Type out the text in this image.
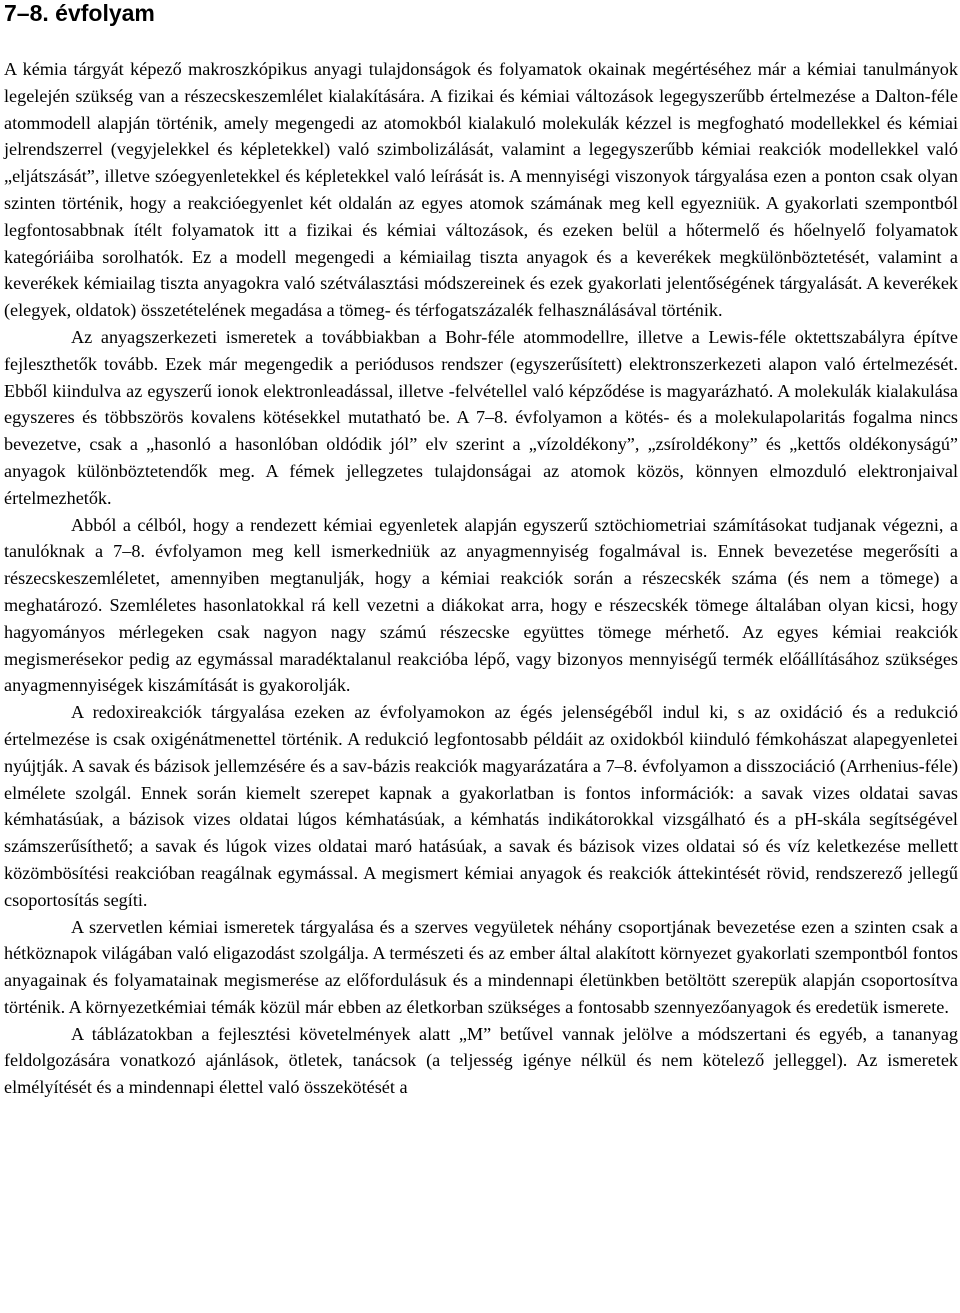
7–8. évfolyam

A kémia tárgyát képező makroszkópikus anyagi tulajdonságok és folyamatok okainak megértéséhez már a kémiai tanulmányok legelején szükség van a részecskeszemlélet kialakítására. A fizikai és kémiai változások legegyszerűbb értelmezése a Dalton-féle atommodell alapján történik, amely megengedi az atomokból kialakuló molekulák kézzel is megfogható modellekkel és kémiai jelrendszerrel (vegyjelekkel és képletekkel) való szimbolizálását, valamint a legegyszerűbb kémiai reakciók modellekkel való „eljátszását”, illetve szóegyenletekkel és képletekkel való leírását is. A mennyiségi viszonyok tárgyalása ezen a ponton csak olyan szinten történik, hogy a reakcióegyenlet két oldalán az egyes atomok számának meg kell egyezniük. A gyakorlati szempontból legfontosabbnak ítélt folyamatok itt a fizikai és kémiai változások, és ezeken belül a hőtermelő és hőelnyelő folyamatok kategóriáiba sorolhatók. Ez a modell megengedi a kémiailag tiszta anyagok és a keverékek megkülönböztetését, valamint a keverékek kémiailag tiszta anyagokra való szétválasztási módszereinek és ezek gyakorlati jelentőségének tárgyalását. A keverékek (elegyek, oldatok) összetételének megadása a tömeg- és térfogatszázalék felhasználásával történik.

Az anyagszerkezeti ismeretek a továbbiakban a Bohr-féle atommodellre, illetve a Lewis-féle oktettszabályra építve fejleszthetők tovább. Ezek már megengedik a periódusos rendszer (egyszerűsített) elektronszerkezeti alapon való értelmezését. Ebből kiindulva az egyszerű ionok elektronleadással, illetve -felvétellel való képződése is magyarázható. A molekulák kialakulása egyszeres és többszörös kovalens kötésekkel mutatható be. A 7–8. évfolyamon a kötés- és a molekulapolaritás fogalma nincs bevezetve, csak a „hasonló a hasonlóban oldódik jól” elv szerint a „vízoldékony”, „zsíroldékony” és „kettős oldékonyságú” anyagok különböztetendők meg. A fémek jellegzetes tulajdonságai az atomok közös, könnyen elmozduló elektronjaival értelmezhetők.

Abból a célból, hogy a rendezett kémiai egyenletek alapján egyszerű sztöchiometriai számításokat tudjanak végezni, a tanulóknak a 7–8. évfolyamon meg kell ismerkedniük az anyagmennyiség fogalmával is. Ennek bevezetése megerősíti a részecskeszemléletet, amennyiben megtanulják, hogy a kémiai reakciók során a részecskék száma (és nem a tömege) a meghatározó. Szemléletes hasonlatokkal rá kell vezetni a diákokat arra, hogy e részecskék tömege általában olyan kicsi, hogy hagyományos mérlegeken csak nagyon nagy számú részecske együttes tömege mérhető. Az egyes kémiai reakciók megismerésekor pedig az egymással maradéktalanul reakcióba lépő, vagy bizonyos mennyiségű termék előállításához szükséges anyagmennyiségek kiszámítását is gyakorolják.

A redoxireakciók tárgyalása ezeken az évfolyamokon az égés jelenségéből indul ki, s az oxidáció és a redukció értelmezése is csak oxigénátmenettel történik. A redukció legfontosabb példáit az oxidokból kiinduló fémkohászat alapegyenletei nyújtják. A savak és bázisok jellemzésére és a sav-bázis reakciók magyarázatára a 7–8. évfolyamon a disszociáció (Arrhenius-féle) elmélete szolgál. Ennek során kiemelt szerepet kapnak a gyakorlatban is fontos információk: a savak vizes oldatai savas kémhatásúak, a bázisok vizes oldatai lúgos kémhatásúak, a kémhatás indikátorokkal vizsgálható és a pH-skála segítségével számszerűsíthető; a savak és lúgok vizes oldatai maró hatásúak, a savak és bázisok vizes oldatai só és víz keletkezése mellett közömbösítési reakcióban reagálnak egymással. A megismert kémiai anyagok és reakciók áttekintését rövid, rendszerező jellegű csoportosítás segíti.

A szervetlen kémiai ismeretek tárgyalása és a szerves vegyületek néhány csoportjának bevezetése ezen a szinten csak a hétköznapok világában való eligazodást szolgálja. A természeti és az ember által alakított környezet gyakorlati szempontból fontos anyagainak és folyamatainak megismerése az előfordulásuk és a mindennapi életünkben betöltött szerepük alapján csoportosítva történik. A környezetkémiai témák közül már ebben az életkorban szükséges a fontosabb szennyezőanyagok és eredetük ismerete.

A táblázatokban a fejlesztési követelmények alatt „M” betűvel vannak jelölve a módszertani és egyéb, a tananyag feldolgozására vonatkozó ajánlások, ötletek, tanácsok (a teljesség igénye nélkül és nem kötelező jelleggel). Az ismeretek elmélyítését és a mindennapi élettel való összekötését a
